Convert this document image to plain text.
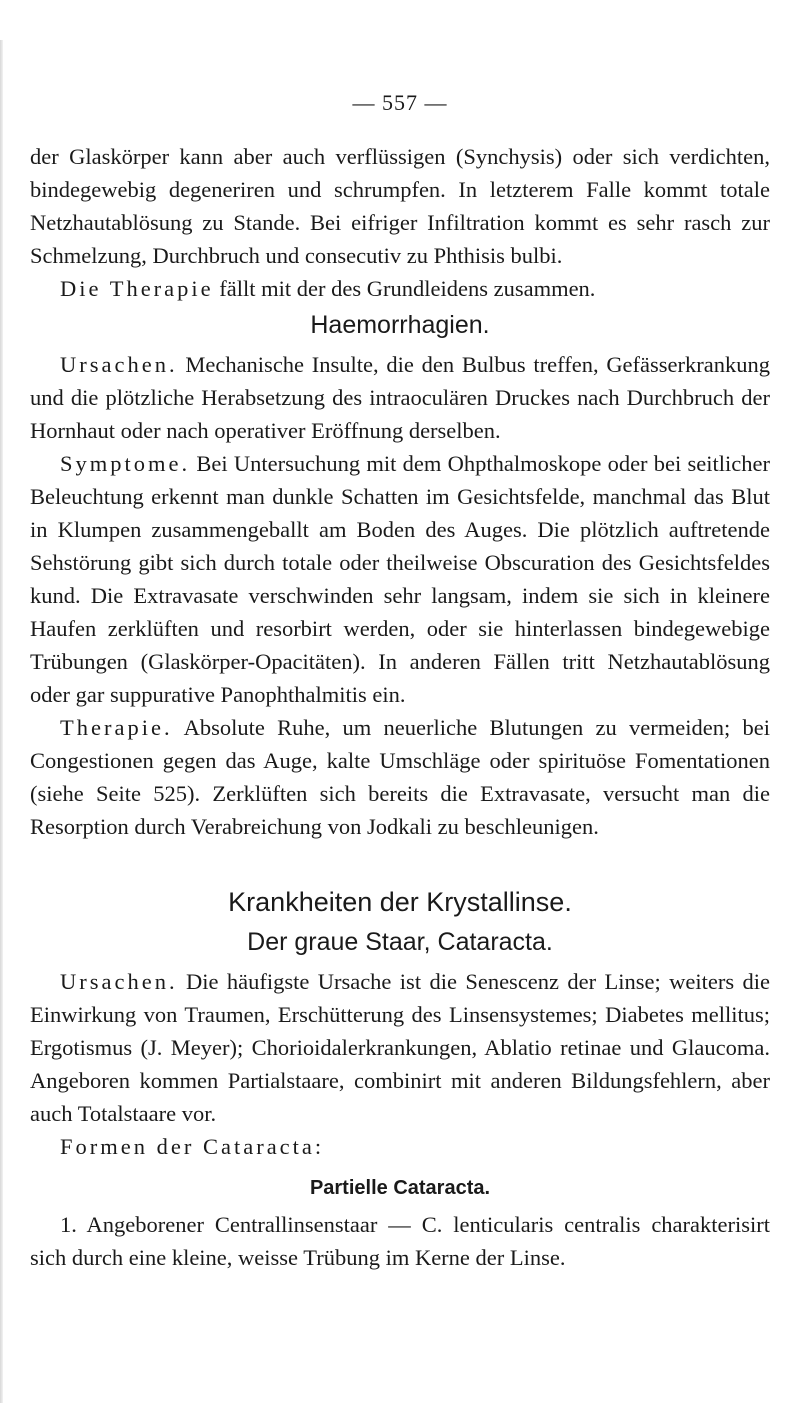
— 557 —

der Glaskörper kann aber auch verflüssigen (Synchysis) oder sich verdichten, bindegewebig degeneriren und schrumpfen. In letzterem Falle kommt totale Netzhautablösung zu Stande. Bei eifriger Infiltration kommt es sehr rasch zur Schmelzung, Durchbruch und consecutiv zu Phthisis bulbi.

Die Therapie fällt mit der des Grundleidens zusammen.

Haemorrhagien.

Ursachen. Mechanische Insulte, die den Bulbus treffen, Gefässerkrankung und die plötzliche Herabsetzung des intraoculären Druckes nach Durchbruch der Hornhaut oder nach operativer Eröffnung derselben.

Symptome. Bei Untersuchung mit dem Ohpthalmoskope oder bei seitlicher Beleuchtung erkennt man dunkle Schatten im Gesichtsfelde, manchmal das Blut in Klumpen zusammengeballt am Boden des Auges. Die plötzlich auftretende Sehstörung gibt sich durch totale oder theilweise Obscuration des Gesichtsfeldes kund. Die Extravasate verschwinden sehr langsam, indem sie sich in kleinere Haufen zerklüften und resorbirt werden, oder sie hinterlassen bindegewebige Trübungen (Glaskörper-Opacitäten). In anderen Fällen tritt Netzhautablösung oder gar suppurative Panophthalmitis ein.

Therapie. Absolute Ruhe, um neuerliche Blutungen zu vermeiden; bei Congestionen gegen das Auge, kalte Umschläge oder spirituöse Fomentationen (siehe Seite 525). Zerklüften sich bereits die Extravasate, versucht man die Resorption durch Verabreichung von Jodkali zu beschleunigen.

Krankheiten der Krystallinse.
Der graue Staar, Cataracta.

Ursachen. Die häufigste Ursache ist die Senescenz der Linse; weiters die Einwirkung von Traumen, Erschütterung des Linsensystemes; Diabetes mellitus; Ergotismus (J. Meyer); Chorioidalerkrankungen, Ablatio retinae und Glaucoma. Angeboren kommen Partialstaare, combinirt mit anderen Bildungsfehlern, aber auch Totalstaare vor.

Formen der Cataracta:

Partielle Cataracta.

1. Angeborener Centrallinsenstaar — C. lenticularis centralis charakterisirt sich durch eine kleine, weisse Trübung im Kerne der Linse.
